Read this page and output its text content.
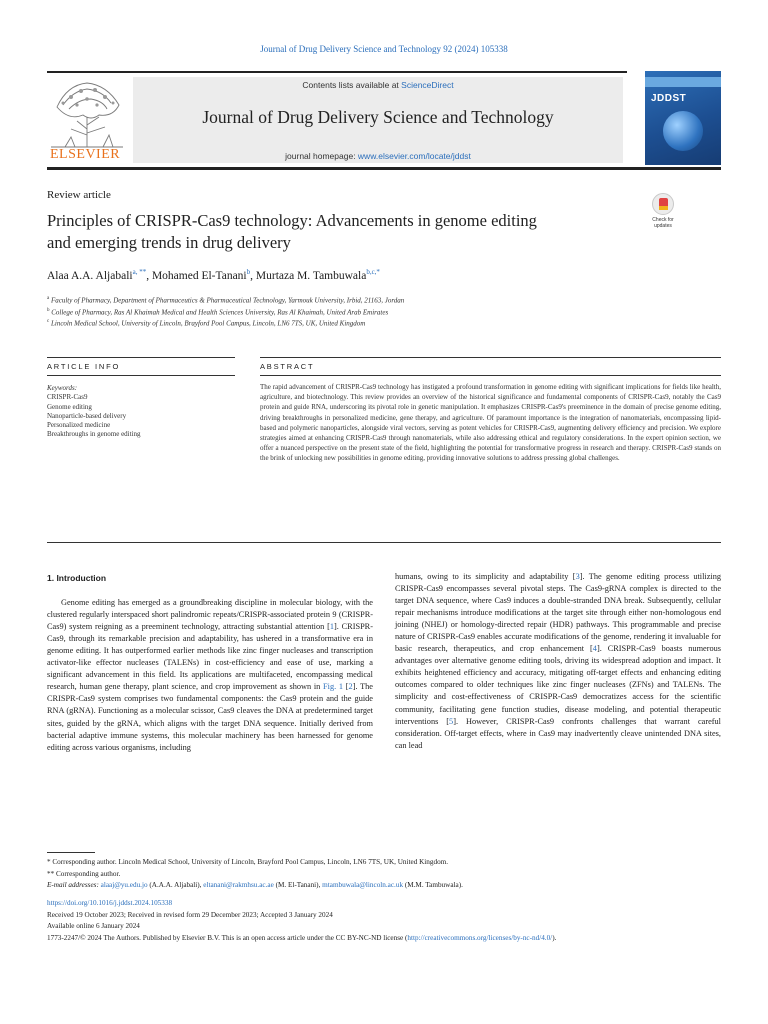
Journal of Drug Delivery Science and Technology 92 (2024) 105338
ELSEVIER
Contents lists available at ScienceDirect
Journal of Drug Delivery Science and Technology
journal homepage: www.elsevier.com/locate/jddst
JDDST
Review article
Principles of CRISPR-Cas9 technology: Advancements in genome editing
and emerging trends in drug delivery
Check for
updates
Alaa A.A. Aljabali$^{a, **}$, Mohamed El-Tanani$^b$, Murtaza M. Tambuwala$^{b,c,*}$
$^a$ Faculty of Pharmacy, Department of Pharmaceutics & Pharmaceutical Technology, Yarmouk University, Irbid, 21163, Jordan
$^b$ College of Pharmacy, Ras Al Khaimah Medical and Health Sciences University, Ras Al Khaimah, United Arab Emirates
$^c$ Lincoln Medical School, University of Lincoln, Brayford Pool Campus, Lincoln, LN6 7TS, UK, United Kingdom
ARTICLE INFO	ABSTRACT
Keywords:
CRISPR-Cas9
Genome editing
Nanoparticle-based delivery
Personalized medicine
Breakthroughs in genome editing
The rapid advancement of CRISPR-Cas9 technology has instigated a profound transformation in genome editing with significant implications for fields like health, agriculture, and biotechnology. This review provides an overview of the historical significance and fundamental components of CRISPR-Cas9, notably the Cas9 protein and guide RNA, underscoring its pivotal role in genetic manipulation. It emphasizes CRISPR-Cas9's preeminence in the domain of precise genome editing, driving breakthroughs in personalized medicine, gene therapy, and agriculture. Of paramount importance is the integration of nanomaterials, encompassing lipid-based and polymeric nanoparticles, alongside viral vectors, serving as potent vehicles for CRISPR-Cas9, augmenting delivery efficiency and precision. We explore strategies aimed at enhancing CRISPR-Cas9 through nanomaterials, while also addressing ethical and regulatory considerations. In the expert opinion section, we offer a nuanced perspective on the present state of the field, highlighting the potential for transformative progress in research and therapy. CRISPR-Cas9 stands on the brink of unlocking new possibilities in genome editing, providing innovative solutions to address pressing global challenges.
1. Introduction

Genome editing has emerged as a groundbreaking discipline in molecular biology, with the clustered regularly interspaced short palindromic repeats/CRISPR-associated protein 9 (CRISPR-Cas9) system reigning as a preeminent technology, attracting substantial attention [1]. CRISPR-Cas9, through its remarkable precision and adaptability, has ushered in a transformative era in genome editing. It has outperformed earlier methods like zinc finger nucleases and transcription activator-like effector nucleases (TALENs) in cost-efficiency and ease of use, marking a significant advancement in this field. Its applications are multifaceted, encompassing medical research, human gene therapy, plant science, and crop improvement as shown in Fig. 1 [2]. The CRISPR-Cas9 system comprises two fundamental components: the Cas9 protein and the guide RNA (gRNA). Functioning as a molecular scissor, Cas9 cleaves the DNA at predetermined target sites, guided by the gRNA, which aligns with the target DNA sequence. Initially derived from bacterial adaptive immune systems, this molecular machinery has been harnessed for genome editing across various organisms, including

humans, owing to its simplicity and adaptability [3]. The genome editing process utilizing CRISPR-Cas9 encompasses several pivotal steps. The Cas9-gRNA complex is directed to the target DNA sequence, where Cas9 induces a double-stranded DNA break. Subsequently, cellular repair mechanisms introduce modifications at the target site through either non-homologous end joining (NHEJ) or homology-directed repair (HDR) pathways. This programmable and precise nature of CRISPR-Cas9 enables accurate modifications of the genome, rendering it invaluable for basic research, therapeutics, and crop enhancement [4]. CRISPR-Cas9 boasts numerous advantages over alternative genome editing tools, driving its widespread adoption and impact. It exhibits heightened efficiency and accuracy, mitigating off-target effects and enhancing editing outcomes compared to older techniques like zinc finger nucleases (ZFNs) and TALENs. The simplicity and cost-effectiveness of CRISPR-Cas9 democratizes access for the scientific community, facilitating gene function studies, disease modeling, and potential therapeutic interventions [5]. However, CRISPR-Cas9 confronts challenges that warrant careful consideration. Off-target effects, where in Cas9 may inadvertently cleave unintended DNA sites, can lead

* Corresponding author. Lincoln Medical School, University of Lincoln, Brayford Pool Campus, Lincoln, LN6 7TS, UK, United Kingdom.
** Corresponding author.
E-mail addresses: alaaj@yu.edu.jo (A.A.A. Aljabali), eltanani@rakmhsu.ac.ae (M. El-Tanani), mtambuwala@lincoln.ac.uk (M.M. Tambuwala).
https://doi.org/10.1016/j.jddst.2024.105338
Received 19 October 2023; Received in revised form 29 December 2023; Accepted 3 January 2024
Available online 6 January 2024
1773-2247/© 2024 The Authors. Published by Elsevier B.V. This is an open access article under the CC BY-NC-ND license (http://creativecommons.org/licenses/by-nc-nd/4.0/).
